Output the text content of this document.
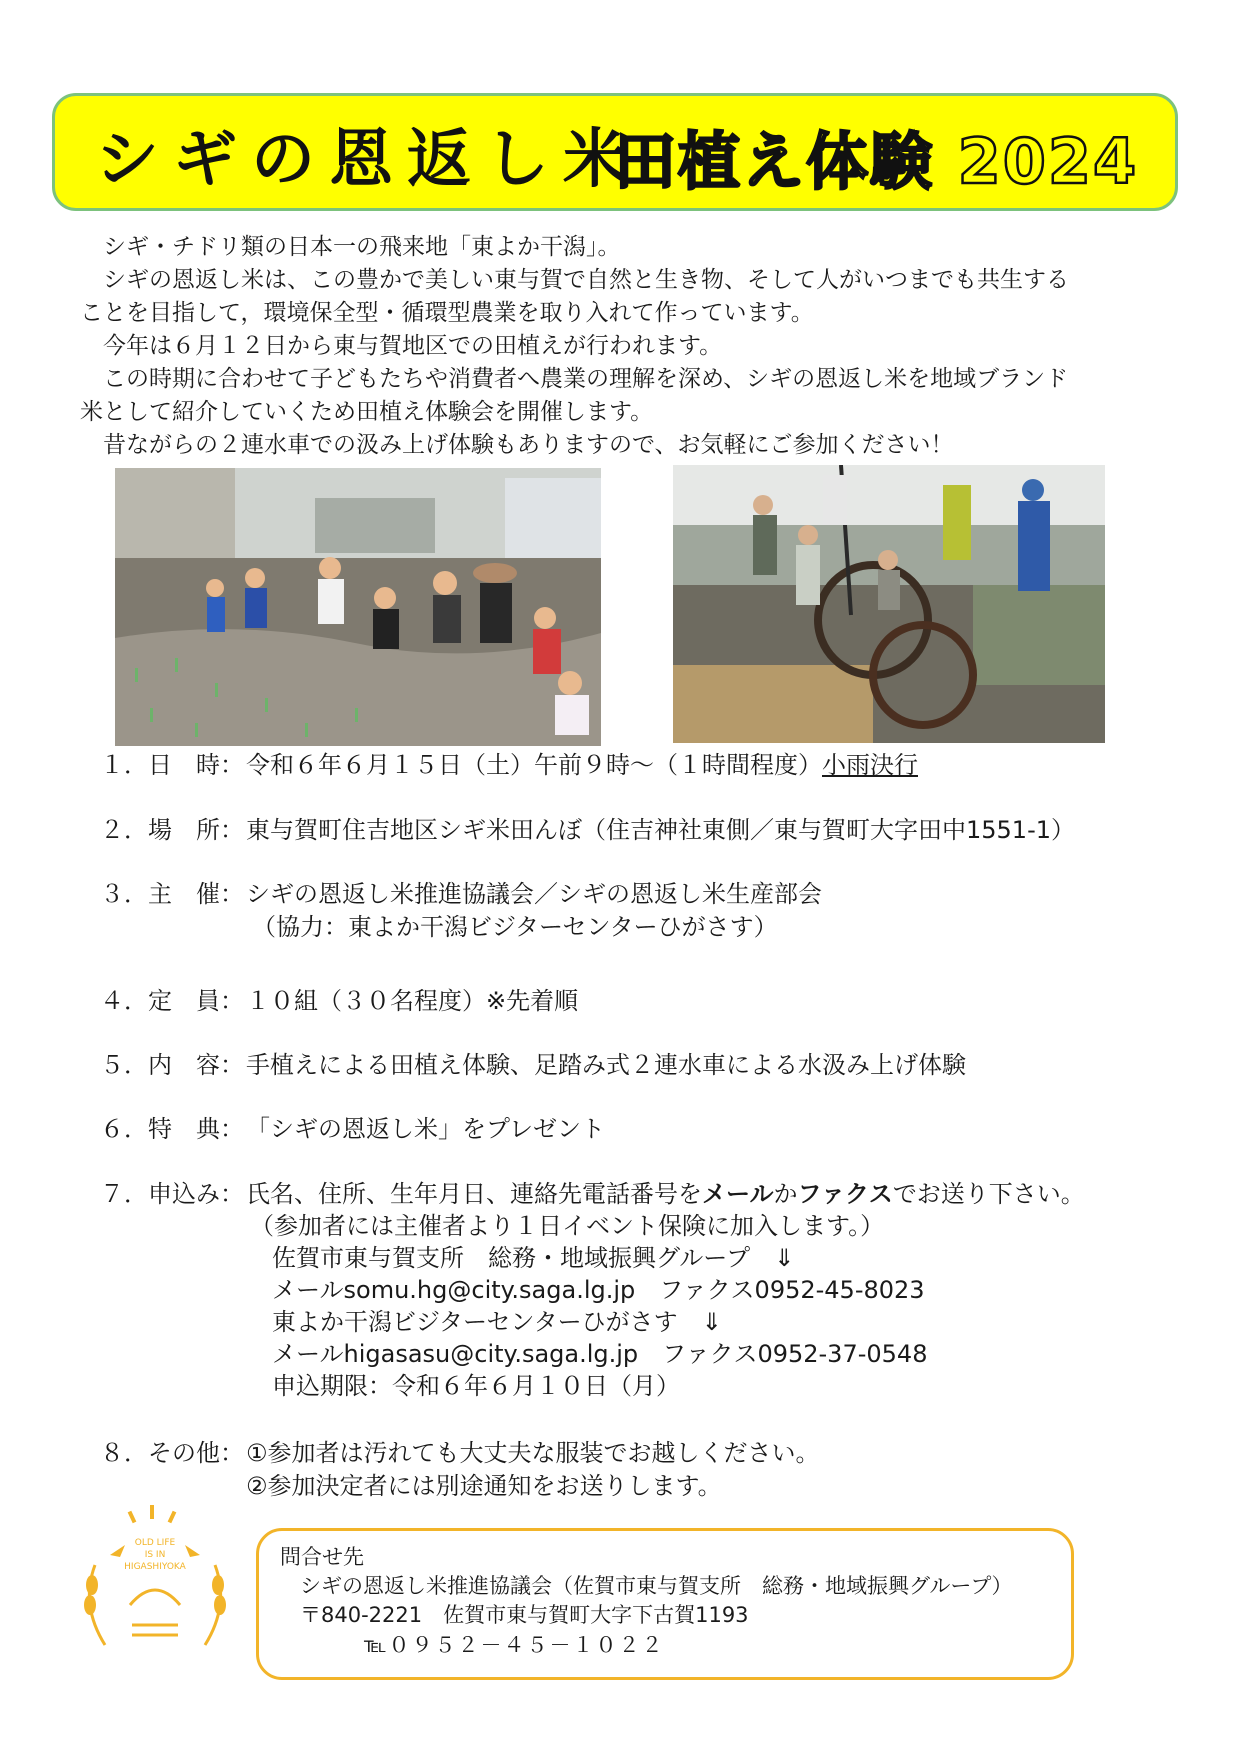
シギの恩返し米
田植え体験 2024
　シギ・チドリ類の日本一の飛来地「東よか干潟」。
　シギの恩返し米は、この豊かで美しい東与賀で自然と生き物、そして人がいつまでも共生する
ことを目指して，環境保全型・循環型農業を取り入れて作っています。
　今年は６月１２日から東与賀地区での田植えが行われます。
　この時期に合わせて子どもたちや消費者へ農業の理解を深め、シギの恩返し米を地域ブランド
米として紹介していくため田植え体験会を開催します。
　昔ながらの２連水車での汲み上げ体験もありますので、お気軽にご参加ください！
１．日　時： 令和６年６月１５日（土）午前９時～（１時間程度）小雨決行
２．場　所： 東与賀町住吉地区シギ米田んぼ（住吉神社東側／東与賀町大字田中1551-1）
３．主　催： シギの恩返し米推進協議会／シギの恩返し米生産部会
（協力：東よか干潟ビジターセンターひがさす）
４．定　員： １０組（３０名程度）※先着順
５．内　容： 手植えによる田植え体験、足踏み式２連水車による水汲み上げ体験
６．特　典： 「シギの恩返し米」をプレゼント
７．申込み： 氏名、住所、生年月日、連絡先電話番号をメールかファクスでお送り下さい。
（参加者には主催者より１日イベント保険に加入します。）
佐賀市東与賀支所　総務・地域振興グループ　⇓
メールsomu.hg@city.saga.lg.jp　ファクス0952-45-8023
東よか干潟ビジターセンターひがさす　⇓
メールhigasasu@city.saga.lg.jp　ファクス0952-37-0548
申込期限：令和６年６月１０日（月）
８．その他： ①参加者は汚れても大丈夫な服装でお越しください。
②参加決定者には別途通知をお送りします。
OLD LIFE
IS IN
HIGASHIYOKA	問合せ先
シギの恩返し米推進協議会（佐賀市東与賀支所　総務・地域振興グループ）
〒840-2221　佐賀市東与賀町大字下古賀1193
℡０９５２－４５－１０２２
